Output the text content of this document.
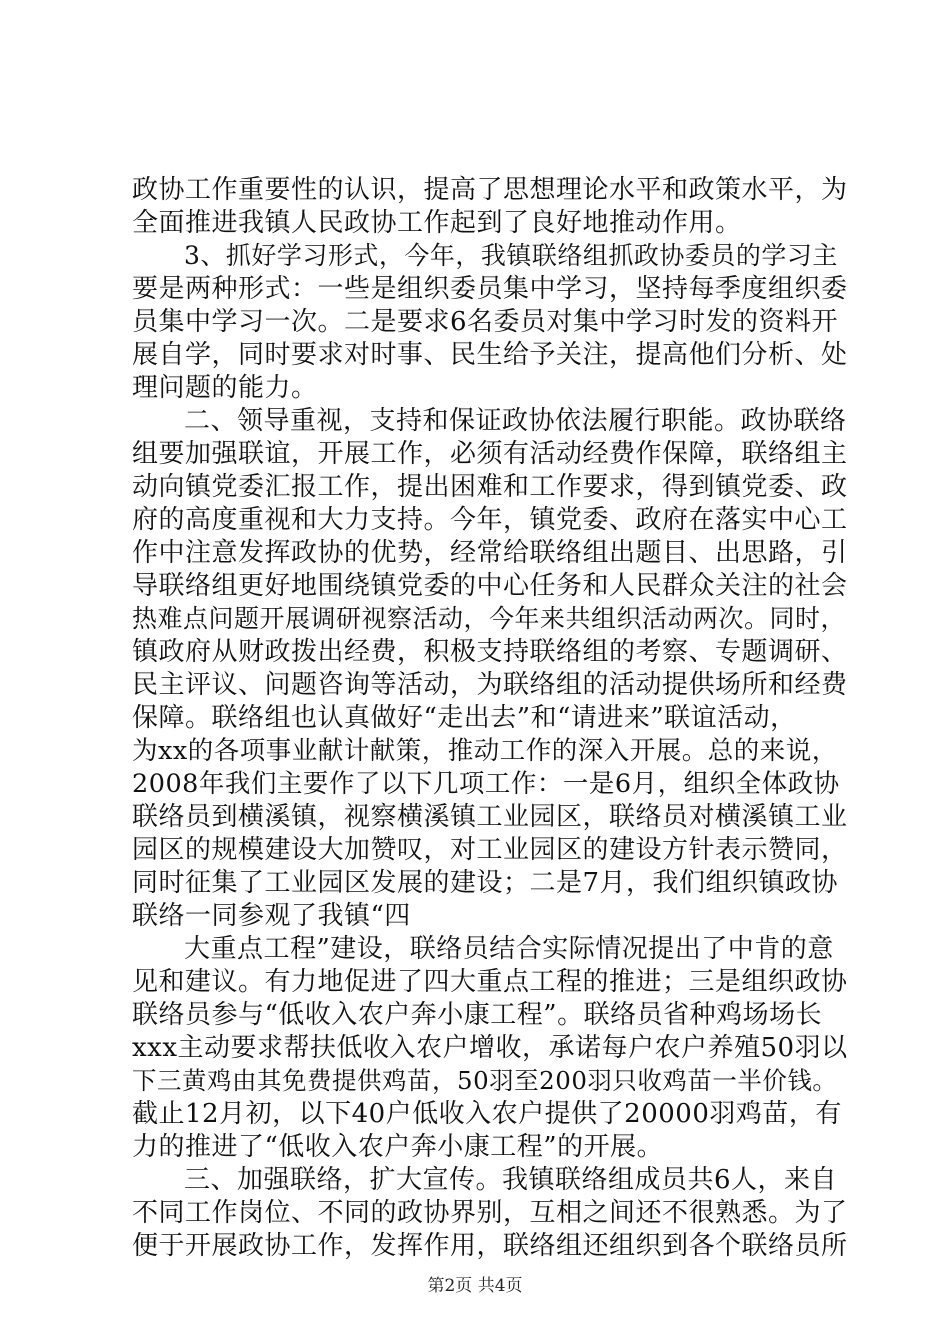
政协工作重要性的认识，提高了思想理论水平和政策水平，为
全面推进我镇人民政协工作起到了良好地推动作用。
3、抓好学习形式，今年，我镇联络组抓政协委员的学习主
要是两种形式：一些是组织委员集中学习，坚持每季度组织委
员集中学习一次。二是要求6名委员对集中学习时发的资料开
展自学，同时要求对时事、民生给予关注，提高他们分析、处
理问题的能力。
二、领导重视，支持和保证政协依法履行职能。政协联络
组要加强联谊，开展工作，必须有活动经费作保障，联络组主
动向镇党委汇报工作，提出困难和工作要求，得到镇党委、政
府的高度重视和大力支持。今年，镇党委、政府在落实中心工
作中注意发挥政协的优势，经常给联络组出题目、出思路，引
导联络组更好地围绕镇党委的中心任务和人民群众关注的社会
热难点问题开展调研视察活动，今年来共组织活动两次。同时，
镇政府从财政拨出经费，积极支持联络组的考察、专题调研、
民主评议、问题咨询等活动，为联络组的活动提供场所和经费
保障。联络组也认真做好“走出去”和“请进来”联谊活动，
为xx的各项事业献计献策，推动工作的深入开展。总的来说，
2008年我们主要作了以下几项工作：一是6月，组织全体政协
联络员到横溪镇，视察横溪镇工业园区，联络员对横溪镇工业
园区的规模建设大加赞叹，对工业园区的建设方针表示赞同，
同时征集了工业园区发展的建设；二是7月，我们组织镇政协
联络一同参观了我镇“四
大重点工程”建设，联络员结合实际情况提出了中肯的意
见和建议。有力地促进了四大重点工程的推进；三是组织政协
联络员参与“低收入农户奔小康工程”。联络员省种鸡场场长
xxx主动要求帮扶低收入农户增收，承诺每户农户养殖50羽以
下三黄鸡由其免费提供鸡苗，50羽至200羽只收鸡苗一半价钱。
截止12月初，以下40户低收入农户提供了20000羽鸡苗，有
力的推进了“低收入农户奔小康工程”的开展。
三、加强联络，扩大宣传。我镇联络组成员共6人，来自
不同工作岗位、不同的政协界别，互相之间还不很熟悉。为了
便于开展政协工作，发挥作用，联络组还组织到各个联络员所
第2页 共4页
